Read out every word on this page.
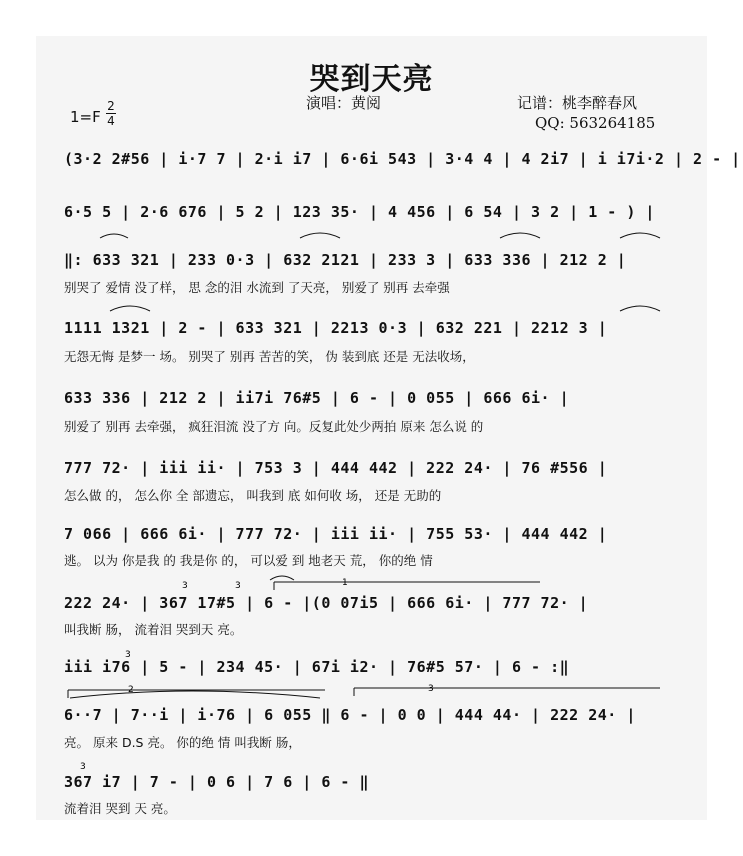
哭到天亮
演唱：黄阅	记谱：桃李醉春风
QQ: 563264185
1=F
2
4
(3·2 2#56 | i·7 7 | 2·i i7 | 6·6i 543 | 3·4 4 | 4 2i7 | i i7i·2 | 2 - |
6·5 5 | 2·6 676 | 5 2 | 123 35· | 4 456 | 6 54 | 3 2 | 1 - ) |
‖: 633 321 | 233 0·3 | 632 2121 | 233 3 | 633 336 | 212 2 |
别哭了 爱情 没了样， 思 念的泪 水流到 了天亮， 别爱了 别再 去牵强
1111 1321 | 2 - | 633 321 | 2213 0·3 | 632 221 | 2212 3 |
无怨无悔 是梦一 场。 别哭了 别再 苦苦的笑， 伪 装到底 还是 无法收场，
633 336 | 212 2 | ii7i 76#5 | 6 - | 0 055 | 666 6i· |
别爱了 别再 去牵强， 疯狂泪流 没了方 向。反复此处少两拍 原来 怎么说 的
777 72· | iii ii· | 753 3 | 444 442 | 222 24· | 76 #556 |
怎么做 的， 怎么你 全 部遗忘， 叫我到 底 如何收 场， 还是 无助的
7 066 | 666 6i· | 777 72· | iii ii· | 755 53· | 444 442 |
逃。 以为 你是我 的 我是你 的， 可以爱 到 地老天 荒， 你的绝 情
222 24· | 367 17#5 | 6 - |(0 07i5 | 666 6i· | 777 72· |
叫我断 肠， 流着泪 哭到天 亮。
iii i76 | 5 - | 234 45· | 67i i2· | 76#5 57· | 6 - :‖
6··7 | 7··i | i·76 | 6 055 ‖ 6 - | 0 0 | 444 44· | 222 24· |
亮。 原来 D.S 亮。 你的绝 情 叫我断 肠，
367 i7 | 7 - | 0 6 | 7 6 | 6 - ‖
流着泪 哭到 天 亮。
1
2	3
3	3
3
3
